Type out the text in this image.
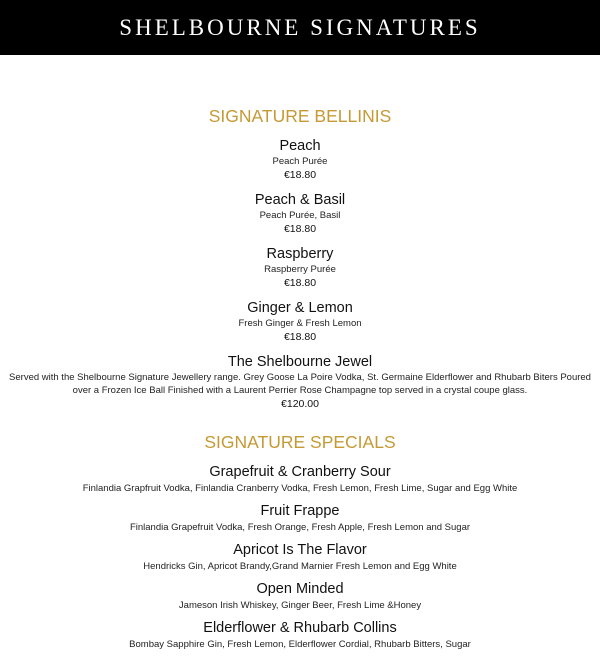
SHELBOURNE SIGNATURES
SIGNATURE BELLINIS
Peach
Peach Purée
€18.80
Peach & Basil
Peach Purée, Basil
€18.80
Raspberry
Raspberry Purée
€18.80
Ginger & Lemon
Fresh Ginger & Fresh Lemon
€18.80
The Shelbourne Jewel
Served with the Shelbourne Signature Jewellery range. Grey Goose La Poire Vodka, St. Germaine Elderflower and Rhubarb Biters Poured over a Frozen Ice Ball Finished with a Laurent Perrier Rose Champagne top served in a crystal coupe glass.
€120.00
SIGNATURE SPECIALS
Grapefruit & Cranberry Sour
Finlandia Grapfruit Vodka, Finlandia Cranberry Vodka, Fresh Lemon, Fresh Lime, Sugar and Egg White
Fruit Frappe
Finlandia Grapefruit Vodka, Fresh Orange, Fresh Apple, Fresh Lemon and Sugar
Apricot Is The Flavor
Hendricks Gin, Apricot Brandy,Grand Marnier Fresh Lemon and Egg White
Open Minded
Jameson Irish Whiskey, Ginger Beer, Fresh Lime &Honey
Elderflower & Rhubarb Collins
Bombay Sapphire Gin, Fresh Lemon, Elderflower Cordial, Rhubarb Bitters, Sugar
